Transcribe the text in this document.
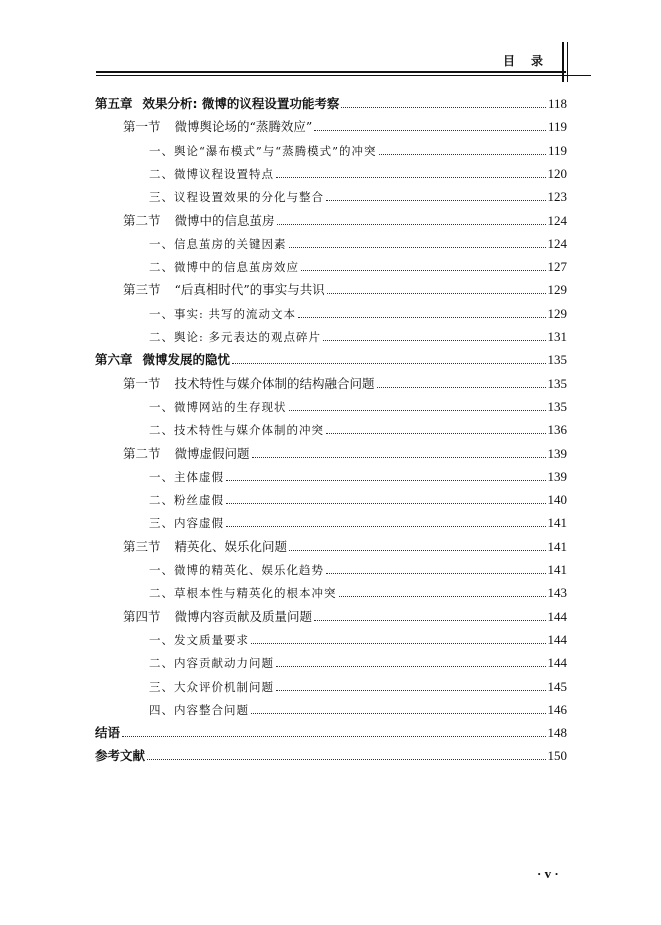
目 录
第五章 效果分析: 微博的议程设置功能考察	118
第一节 微博舆论场的“蒸腾效应”	119
一、舆论“瀑布模式”与“蒸腾模式”的冲突	119
二、微博议程设置特点	120
三、议程设置效果的分化与整合	123
第二节 微博中的信息茧房	124
一、信息茧房的关键因素	124
二、微博中的信息茧房效应	127
第三节 “后真相时代”的事实与共识	129
一、事实: 共写的流动文本	129
二、舆论: 多元表达的观点碎片	131
第六章 微博发展的隐忧	135
第一节 技术特性与媒介体制的结构融合问题	135
一、微博网站的生存现状	135
二、技术特性与媒介体制的冲突	136
第二节 微博虚假问题	139
一、主体虚假	139
二、粉丝虚假	140
三、内容虚假	141
第三节 精英化、娱乐化问题	141
一、微博的精英化、娱乐化趋势	141
二、草根本性与精英化的根本冲突	143
第四节 微博内容贡献及质量问题	144
一、发文质量要求	144
二、内容贡献动力问题	144
三、大众评价机制问题	145
四、内容整合问题	146
结语	148
参考文献	150
· v ·
